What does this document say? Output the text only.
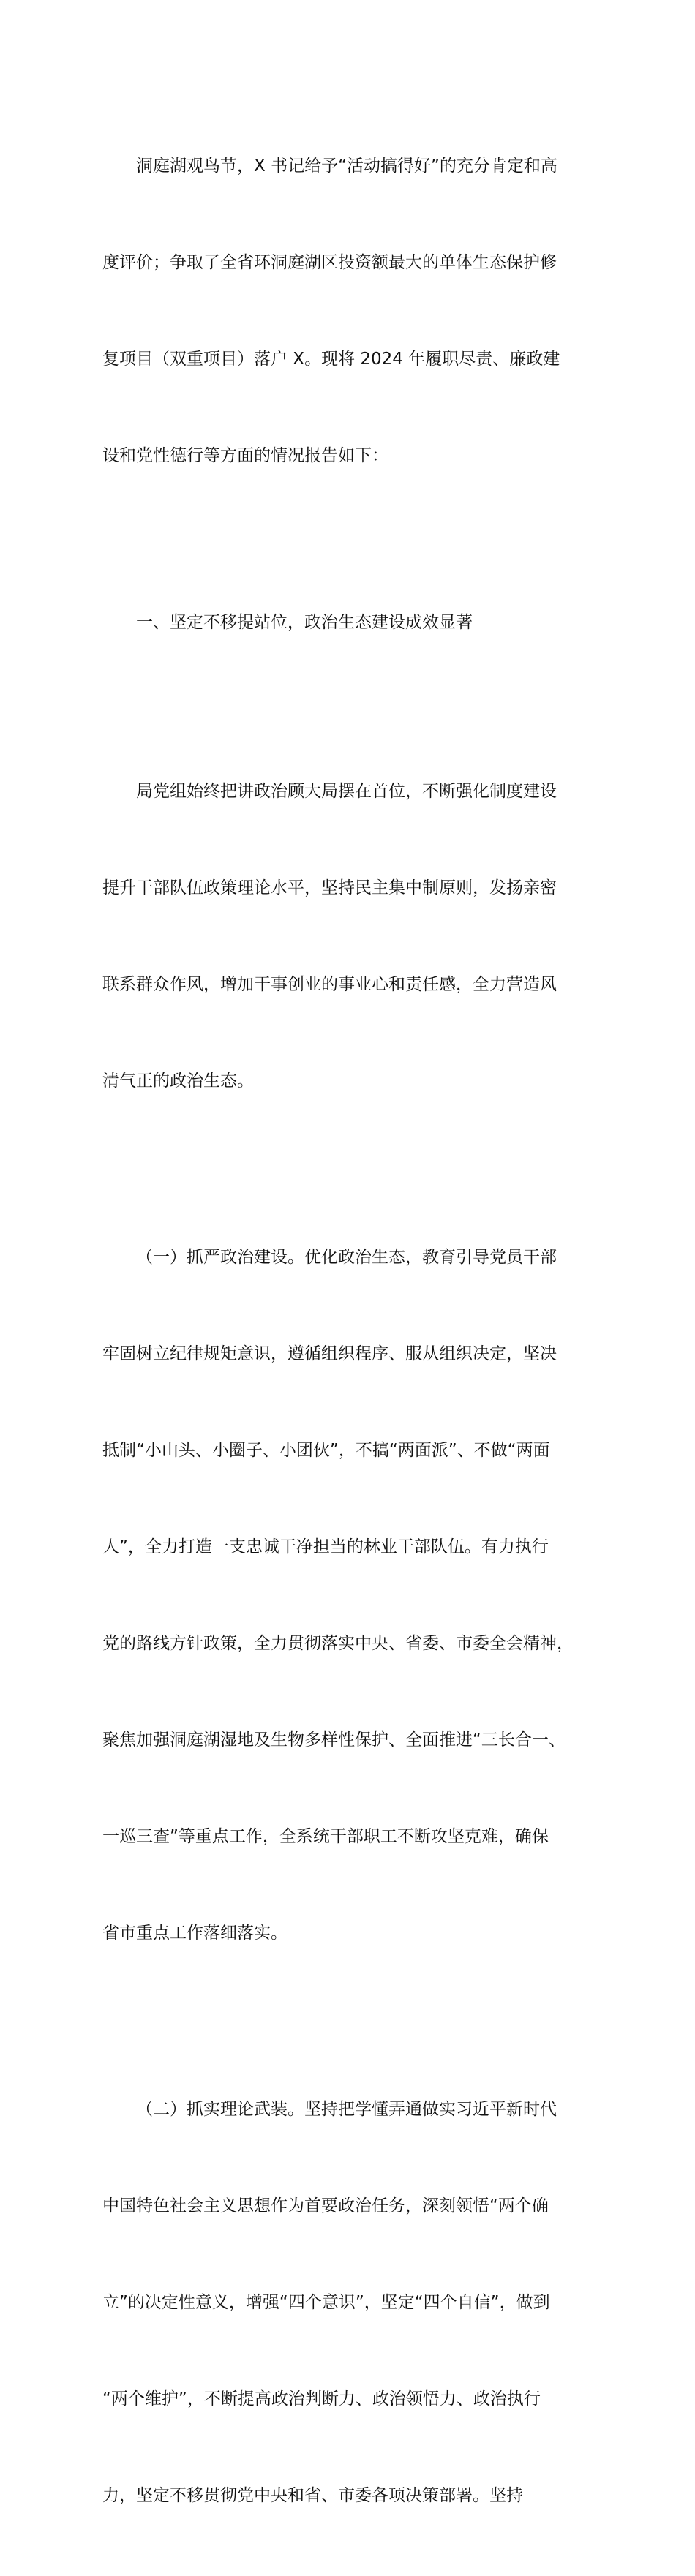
洞庭湖观鸟节，X 书记给予“活动搞得好”的充分肯定和高

度评价；争取了全省环洞庭湖区投资额最大的单体生态保护修

复项目（双重项目）落户 X。现将 2024 年履职尽责、廉政建

设和党性德行等方面的情况报告如下：

一、坚定不移提站位，政治生态建设成效显著

局党组始终把讲政治顾大局摆在首位，不断强化制度建设

提升干部队伍政策理论水平，坚持民主集中制原则，发扬亲密

联系群众作风，增加干事创业的事业心和责任感，全力营造风

清气正的政治生态。

（一）抓严政治建设。优化政治生态，教育引导党员干部

牢固树立纪律规矩意识，遵循组织程序、服从组织决定，坚决

抵制“小山头、小圈子、小团伙”，不搞“两面派”、不做“两面

人”，全力打造一支忠诚干净担当的林业干部队伍。有力执行

党的路线方针政策，全力贯彻落实中央、省委、市委全会精神，

聚焦加强洞庭湖湿地及生物多样性保护、全面推进“三长合一、

一巡三查”等重点工作，全系统干部职工不断攻坚克难，确保

省市重点工作落细落实。

（二）抓实理论武装。坚持把学懂弄通做实习近平新时代

中国特色社会主义思想作为首要政治任务，深刻领悟“两个确

立”的决定性意义，增强“四个意识”，坚定“四个自信”，做到

“两个维护”，不断提高政治判断力、政治领悟力、政治执行

力，坚定不移贯彻党中央和省、市委各项决策部署。坚持
